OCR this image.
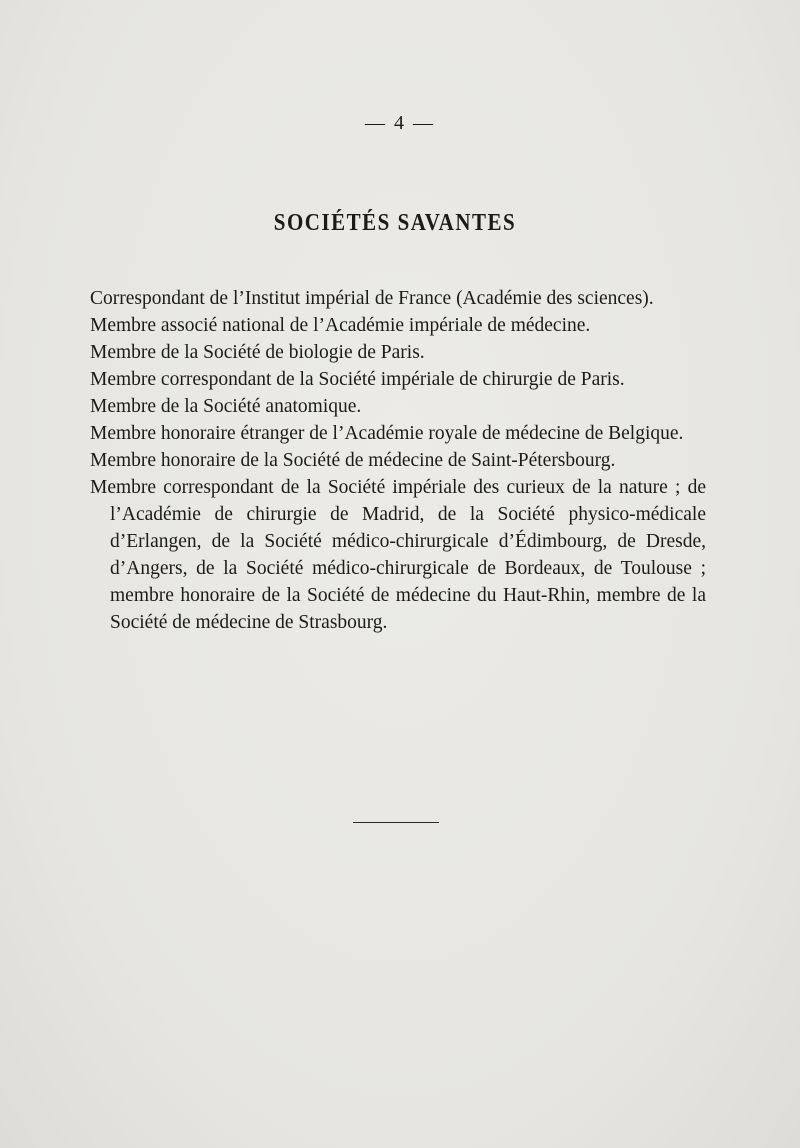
— 4 —
SOCIÉTÉS SAVANTES

Correspondant de l’Institut impérial de France (Académie des sciences).

Membre associé national de l’Académie impériale de médecine.

Membre de la Société de biologie de Paris.

Membre correspondant de la Société impériale de chirurgie de Paris.

Membre de la Société anatomique.

Membre honoraire étranger de l’Académie royale de médecine de Belgique.

Membre honoraire de la Société de médecine de Saint-Pétersbourg.

Membre correspondant de la Société impériale des curieux de la nature ; de l’Académie de chirurgie de Madrid, de la Société physico-médicale d’Erlangen, de la Société médico-chirurgicale d’Édimbourg, de Dresde, d’Angers, de la Société médico-chirurgicale de Bordeaux, de Toulouse ; membre honoraire de la Société de médecine du Haut-Rhin, membre de la Société de médecine de Strasbourg.
